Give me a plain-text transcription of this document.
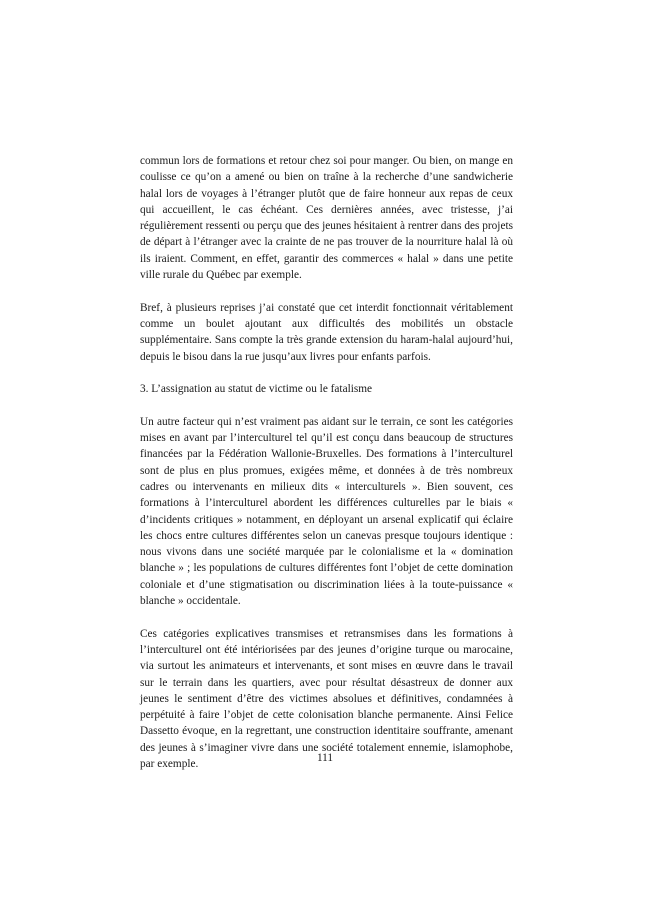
commun lors de formations et retour chez soi pour manger. Ou bien, on mange en coulisse ce qu’on a amené ou bien on traîne à la recherche d’une sandwicherie halal lors de voyages à l’étranger plutôt que de faire honneur aux repas de ceux qui accueillent, le cas échéant. Ces dernières années, avec tristesse, j’ai régulièrement ressenti ou perçu que des jeunes hésitaient à rentrer dans des projets de départ à l’étranger avec la crainte de ne pas trouver de la nourriture halal là où ils iraient. Comment, en effet, garantir des commerces « halal » dans une petite ville rurale du Québec par exemple.

Bref, à plusieurs reprises j’ai constaté que cet interdit fonctionnait véritablement comme un boulet ajoutant aux difficultés des mobilités un obstacle supplémentaire. Sans compte la très grande extension du haram-halal aujourd’hui, depuis le bisou dans la rue jusqu’aux livres pour enfants parfois.

3. L’assignation au statut de victime ou le fatalisme

Un autre facteur qui n’est vraiment pas aidant sur le terrain, ce sont les catégories mises en avant par l’interculturel tel qu’il est conçu dans beaucoup de structures financées par la Fédération Wallonie-Bruxelles. Des formations à l’interculturel sont de plus en plus promues, exigées même, et données à de très nombreux cadres ou intervenants en milieux dits « interculturels ». Bien souvent, ces formations à l’interculturel abordent les différences culturelles par le biais « d’incidents critiques » notamment, en déployant un arsenal explicatif qui éclaire les chocs entre cultures différentes selon un canevas presque toujours identique : nous vivons dans une société marquée par le colonialisme et la « domination blanche » ; les populations de cultures différentes font l’objet de cette domination coloniale et d’une stigmatisation ou discrimination liées à la toute-puissance « blanche » occidentale.

Ces catégories explicatives transmises et retransmises dans les formations à l’interculturel ont été intériorisées par des jeunes d’origine turque ou marocaine, via surtout les animateurs et intervenants, et sont mises en œuvre dans le travail sur le terrain dans les quartiers, avec pour résultat désastreux de donner aux jeunes le sentiment d’être des victimes absolues et définitives, condamnées à perpétuité à faire l’objet de cette colonisation blanche permanente. Ainsi Felice Dassetto évoque, en la regrettant, une construction identitaire souffrante, amenant des jeunes à s’imaginer vivre dans une société totalement ennemie, islamophobe, par exemple.	111
